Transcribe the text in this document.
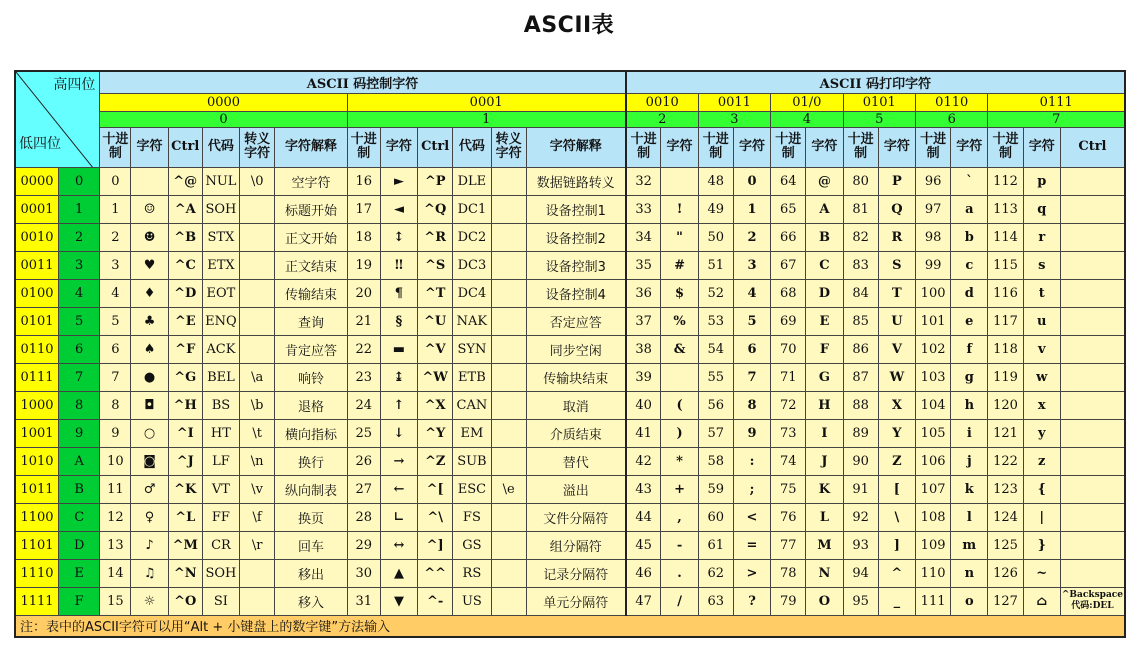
ASCII表
高四位
低四位		ASCII 码控制字符												ASCII 码打印字符												
		0000						0001						0010		0011		01/0		0101		0110		0111		
		0						1						2		3		4		5		6		7		
		十进制	字符	Ctrl	代码	转义字符	字符解释	十进制	字符	Ctrl	代码	转义字符	字符解释	十进制	字符	十进制	字符	十进制	字符	十进制	字符	十进制	字符	十进制	字符	Ctrl
0000	0	0		^@	NUL	\0	空字符	16	►	^P	DLE		数据链路转义	32		48	0	64	@	80	P	96	`	112	p	
0001	1	1	☺	^A	SOH		标题开始	17	◄	^Q	DC1		设备控制1	33	!	49	1	65	A	81	Q	97	a	113	q	
0010	2	2	☻	^B	STX		正文开始	18	↕	^R	DC2		设备控制2	34	"	50	2	66	B	82	R	98	b	114	r	
0011	3	3	♥	^C	ETX		正文结束	19	‼	^S	DC3		设备控制3	35	#	51	3	67	C	83	S	99	c	115	s	
0100	4	4	♦	^D	EOT		传输结束	20	¶	^T	DC4		设备控制4	36	$	52	4	68	D	84	T	100	d	116	t	
0101	5	5	♣	^E	ENQ		查询	21	§	^U	NAK		否定应答	37	%	53	5	69	E	85	U	101	e	117	u	
0110	6	6	♠	^F	ACK		肯定应答	22	▬	^V	SYN		同步空闲	38	&	54	6	70	F	86	V	102	f	118	v	
0111	7	7	●	^G	BEL	\a	响铃	23	↨	^W	ETB		传输块结束	39		55	7	71	G	87	W	103	g	119	w	
1000	8	8	◘	^H	BS	\b	退格	24	↑	^X	CAN		取消	40	(	56	8	72	H	88	X	104	h	120	x	
1001	9	9	○	^I	HT	\t	横向指标	25	↓	^Y	EM		介质结束	41	)	57	9	73	I	89	Y	105	i	121	y	
1010	A	10	◙	^J	LF	\n	换行	26	→	^Z	SUB		替代	42	*	58	:	74	J	90	Z	106	j	122	z	
1011	B	11	♂	^K	VT	\v	纵向制表	27	←	^[	ESC	\e	溢出	43	+	59	;	75	K	91	[	107	k	123	{	
1100	C	12	♀	^L	FF	\f	换页	28	∟	^\	FS		文件分隔符	44	,	60	<	76	L	92	\	108	l	124	|	
1101	D	13	♪	^M	CR	\r	回车	29	↔	^]	GS		组分隔符	45	-	61	=	77	M	93	]	109	m	125	}	
1110	E	14	♫	^N	SOH		移出	30	▲	^^	RS		记录分隔符	46	.	62	>	78	N	94	^	110	n	126	~	
1111	F	15	☼	^O	SI		移入	31	▼	^-	US		单元分隔符	47	/	63	?	79	O	95	_	111	o	127	⌂	^Backspace 代码:DEL
注：表中的ASCII字符可以用“Alt + 小键盘上的数字键”方法输入																										
